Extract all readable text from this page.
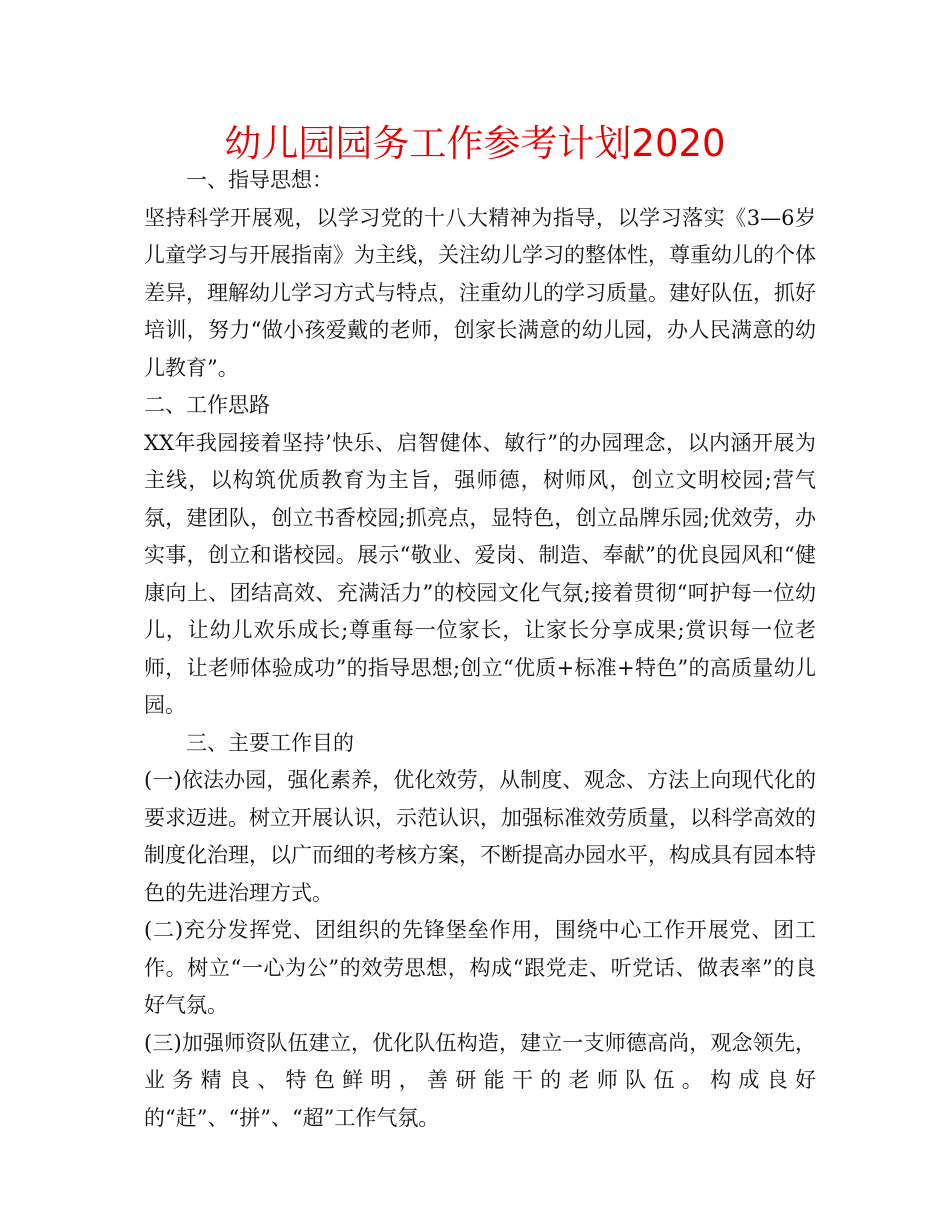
幼儿园园务工作参考计划2020

一、指导思想：

坚持科学开展观，以学习党的十八大精神为指导，以学习落实《3—6岁儿童学习与开展指南》为主线，关注幼儿学习的整体性，尊重幼儿的个体差异，理解幼儿学习方式与特点，注重幼儿的学习质量。建好队伍，抓好培训，努力“做小孩爱戴的老师，创家长满意的幼儿园，办人民满意的幼儿教育”。

二、工作思路

XX年我园接着坚持’快乐、启智健体、敏行”的办园理念，以内涵开展为主线，以构筑优质教育为主旨，强师德，树师风，创立文明校园;营气氛，建团队，创立书香校园;抓亮点，显特色，创立品牌乐园;优效劳，办实事，创立和谐校园。展示“敬业、爱岗、制造、奉献”的优良园风和“健康向上、团结高效、充满活力”的校园文化气氛;接着贯彻“呵护每一位幼儿，让幼儿欢乐成长;尊重每一位家长，让家长分享成果;赏识每一位老师，让老师体验成功”的指导思想;创立“优质+标准+特色”的高质量幼儿园。

三、主要工作目的

(一)依法办园，强化素养，优化效劳，从制度、观念、方法上向现代化的要求迈进。树立开展认识，示范认识，加强标准效劳质量，以科学高效的制度化治理，以广而细的考核方案，不断提高办园水平，构成具有园本特色的先进治理方式。

(二)充分发挥党、团组织的先锋堡垒作用，围绕中心工作开展党、团工作。树立“一心为公”的效劳思想，构成“跟党走、听党话、做表率”的良好气氛。

(三)加强师资队伍建立，优化队伍构造，建立一支师德高尚，观念领先，业务精良、特色鲜明，善研能干的老师队伍。构成良好的“赶”、“拼”、“超”工作气氛。
